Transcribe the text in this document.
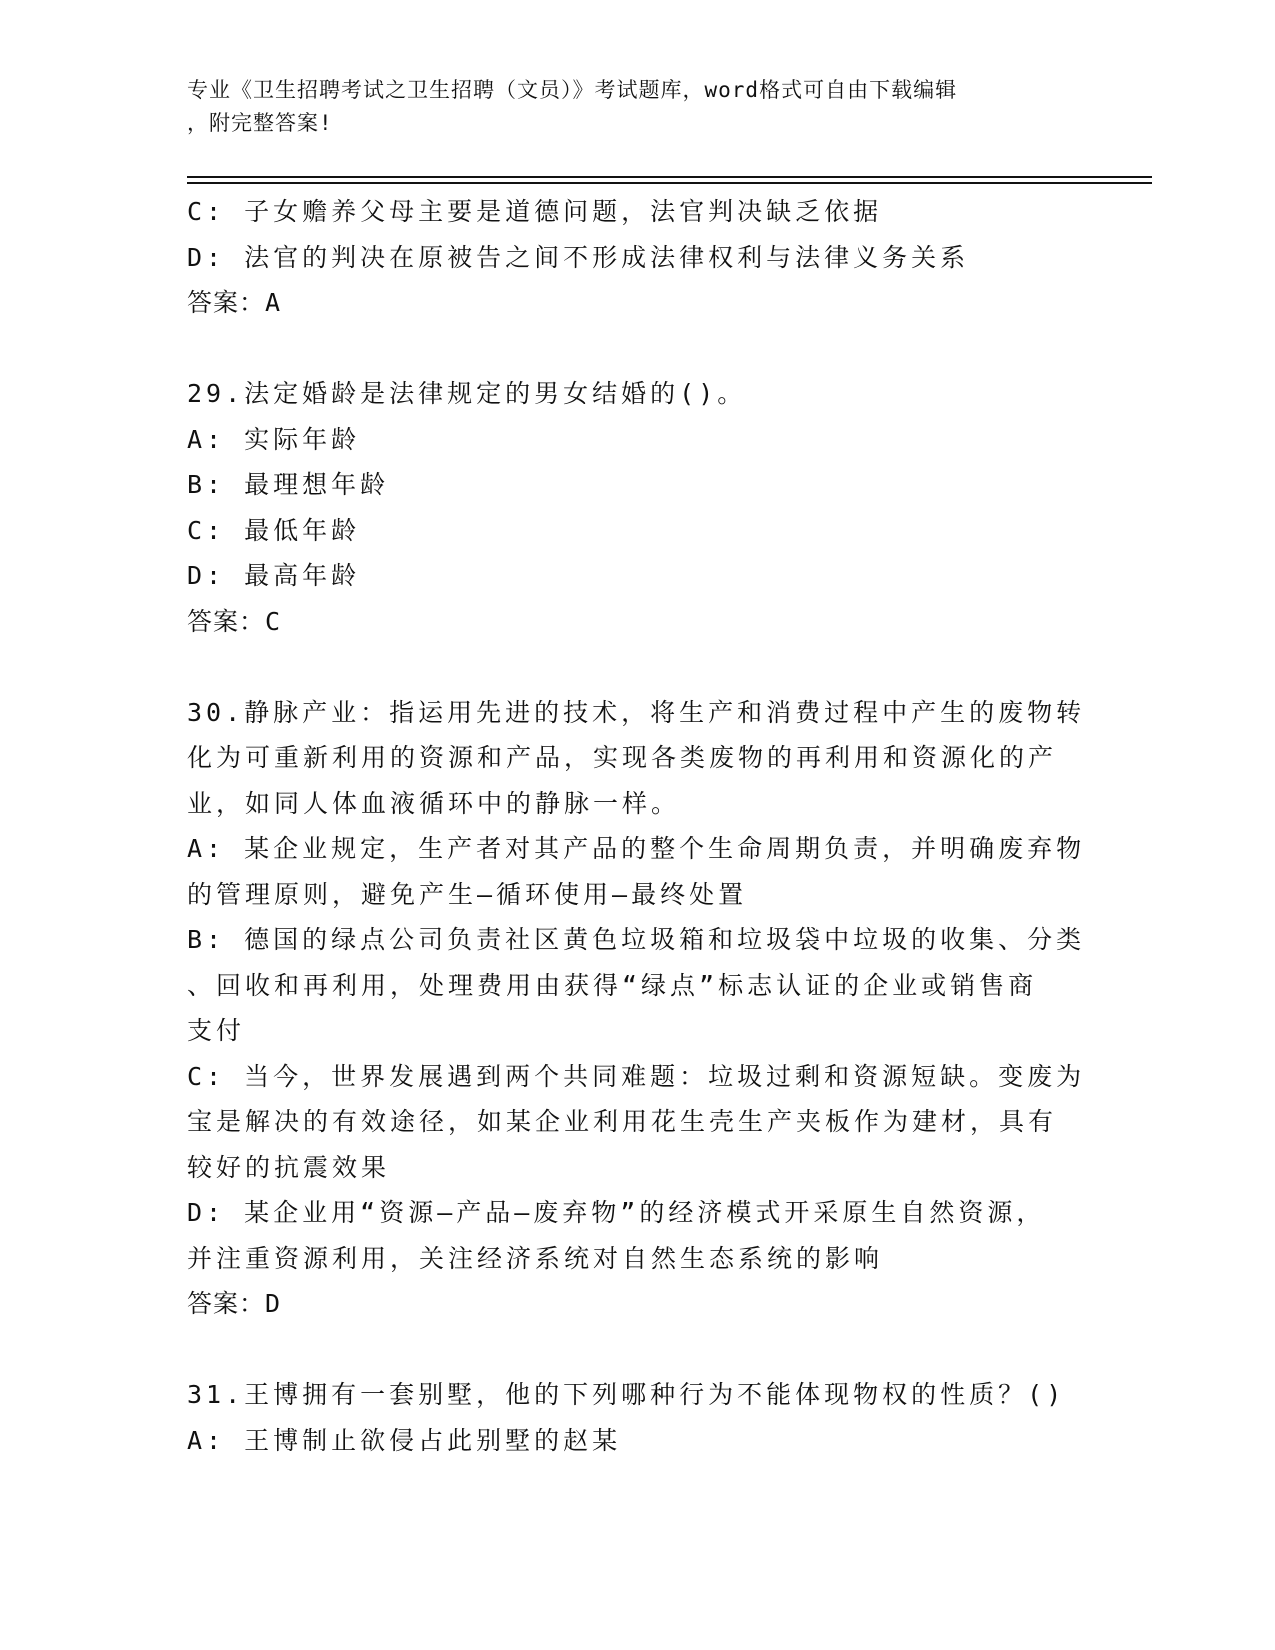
专业《卫生招聘考试之卫生招聘（文员）》考试题库，word格式可自由下载编辑
，附完整答案!

C: 子女赡养父母主要是道德问题，法官判决缺乏依据

D: 法官的判决在原被告之间不形成法律权利与法律义务关系

答案：A

29.法定婚龄是法律规定的男女结婚的()。

A: 实际年龄

B: 最理想年龄

C: 最低年龄

D: 最高年龄

答案：C

30.静脉产业：指运用先进的技术，将生产和消费过程中产生的废物转

化为可重新利用的资源和产品，实现各类废物的再利用和资源化的产

业，如同人体血液循环中的静脉一样。

A: 某企业规定，生产者对其产品的整个生命周期负责，并明确废弃物

的管理原则，避免产生—循环使用—最终处置

B: 德国的绿点公司负责社区黄色垃圾箱和垃圾袋中垃圾的收集、分类

、回收和再利用，处理费用由获得“绿点”标志认证的企业或销售商

支付

C: 当今，世界发展遇到两个共同难题：垃圾过剩和资源短缺。变废为

宝是解决的有效途径，如某企业利用花生壳生产夹板作为建材，具有

较好的抗震效果

D: 某企业用“资源—产品—废弃物”的经济模式开采原生自然资源，

并注重资源利用，关注经济系统对自然生态系统的影响

答案：D

31.王博拥有一套别墅，他的下列哪种行为不能体现物权的性质？()

A: 王博制止欲侵占此别墅的赵某
